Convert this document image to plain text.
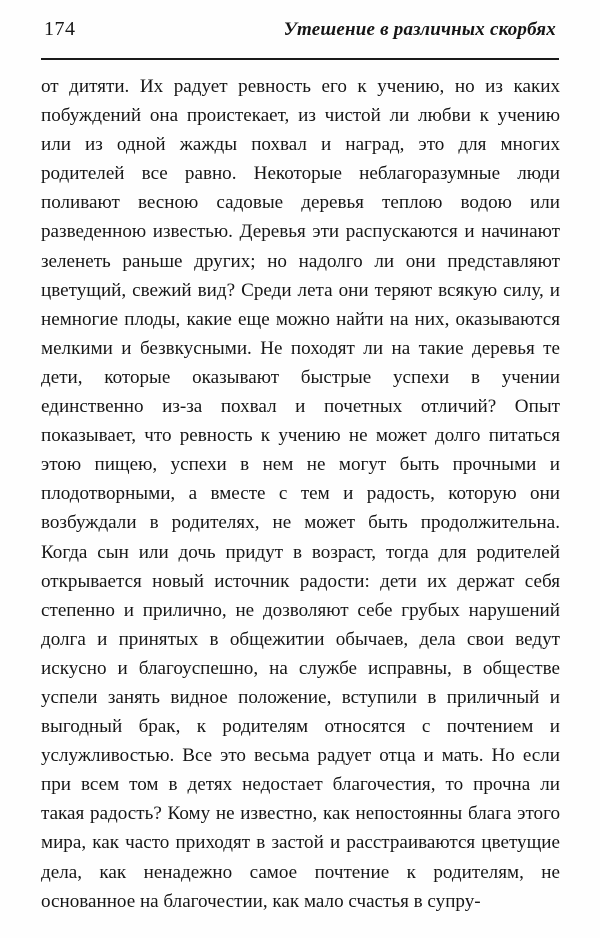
174	Утешение в различных скорбях

от дитяти. Их радует ревность его к учению, но из каких побуждений она проистекает, из чистой ли любви к учению или из одной жажды похвал и наград, это для многих родителей все равно. Некоторые неблагоразумные люди поливают весною садовые деревья теплою водою или разведенною известью. Деревья эти распускаются и начинают зеленеть раньше других; но надолго ли они представляют цветущий, свежий вид? Среди лета они теряют всякую силу, и немногие плоды, какие еще можно найти на них, оказываются мелкими и безвкусными. Не походят ли на такие деревья те дети, которые оказывают быстрые успехи в учении единственно из-за похвал и почетных отличий? Опыт показывает, что ревность к учению не может долго питаться этою пищею, успехи в нем не могут быть прочными и плодотворными, а вместе с тем и радость, которую они возбуждали в родителях, не может быть продолжительна. Когда сын или дочь придут в возраст, тогда для родителей открывается новый источник радости: дети их держат себя степенно и прилично, не дозволяют себе грубых нарушений долга и принятых в общежитии обычаев, дела свои ведут искусно и благоуспешно, на службе исправны, в обществе успели занять видное положение, вступили в приличный и выгодный брак, к родителям относятся с почтением и услужливостью. Все это весьма радует отца и мать. Но если при всем том в детях недостает благочестия, то прочна ли такая радость? Кому не известно, как непостоянны блага этого мира, как часто приходят в застой и расстраиваются цветущие дела, как ненадежно самое почтение к родителям, не основанное на благочестии, как мало счастья в супру-
